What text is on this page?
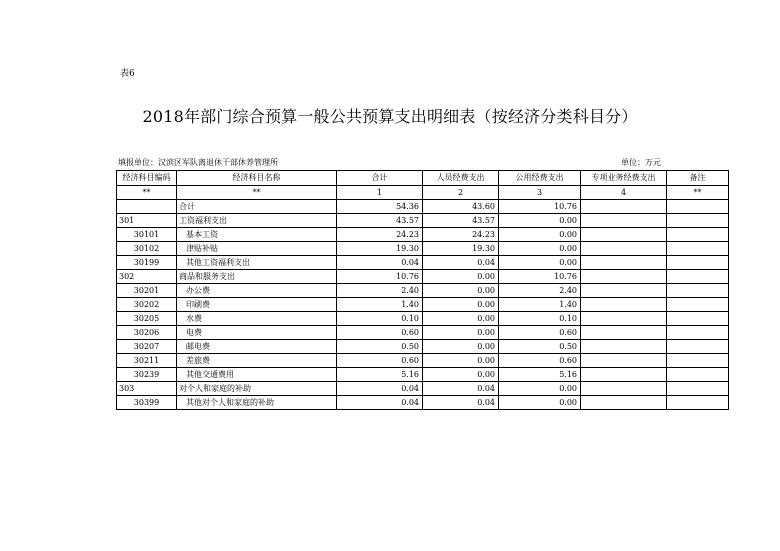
表6
2018年部门综合预算一般公共预算支出明细表（按经济分类科目分）
填报单位：汉滨区军队离退休干部休养管理所	单位：万元
经济科目编码	经济科目名称	合计	人员经费支出	公用经费支出	专项业务经费支出	备注
**	**	1	2	3	4	**
	合计	54.36	43.60	10.76		
301	工资福利支出	43.57	43.57	0.00		
30101	基本工资	24.23	24.23	0.00		
30102	津贴补贴	19.30	19.30	0.00		
30199	其他工资福利支出	0.04	0.04	0.00		
302	商品和服务支出	10.76	0.00	10.76		
30201	办公费	2.40	0.00	2.40		
30202	印刷费	1.40	0.00	1.40		
30205	水费	0.10	0.00	0.10		
30206	电费	0.60	0.00	0.60		
30207	邮电费	0.50	0.00	0.50		
30211	差旅费	0.60	0.00	0.60		
30239	其他交通费用	5.16	0.00	5.16		
303	对个人和家庭的补助	0.04	0.04	0.00		
30399	其他对个人和家庭的补助	0.04	0.04	0.00		
